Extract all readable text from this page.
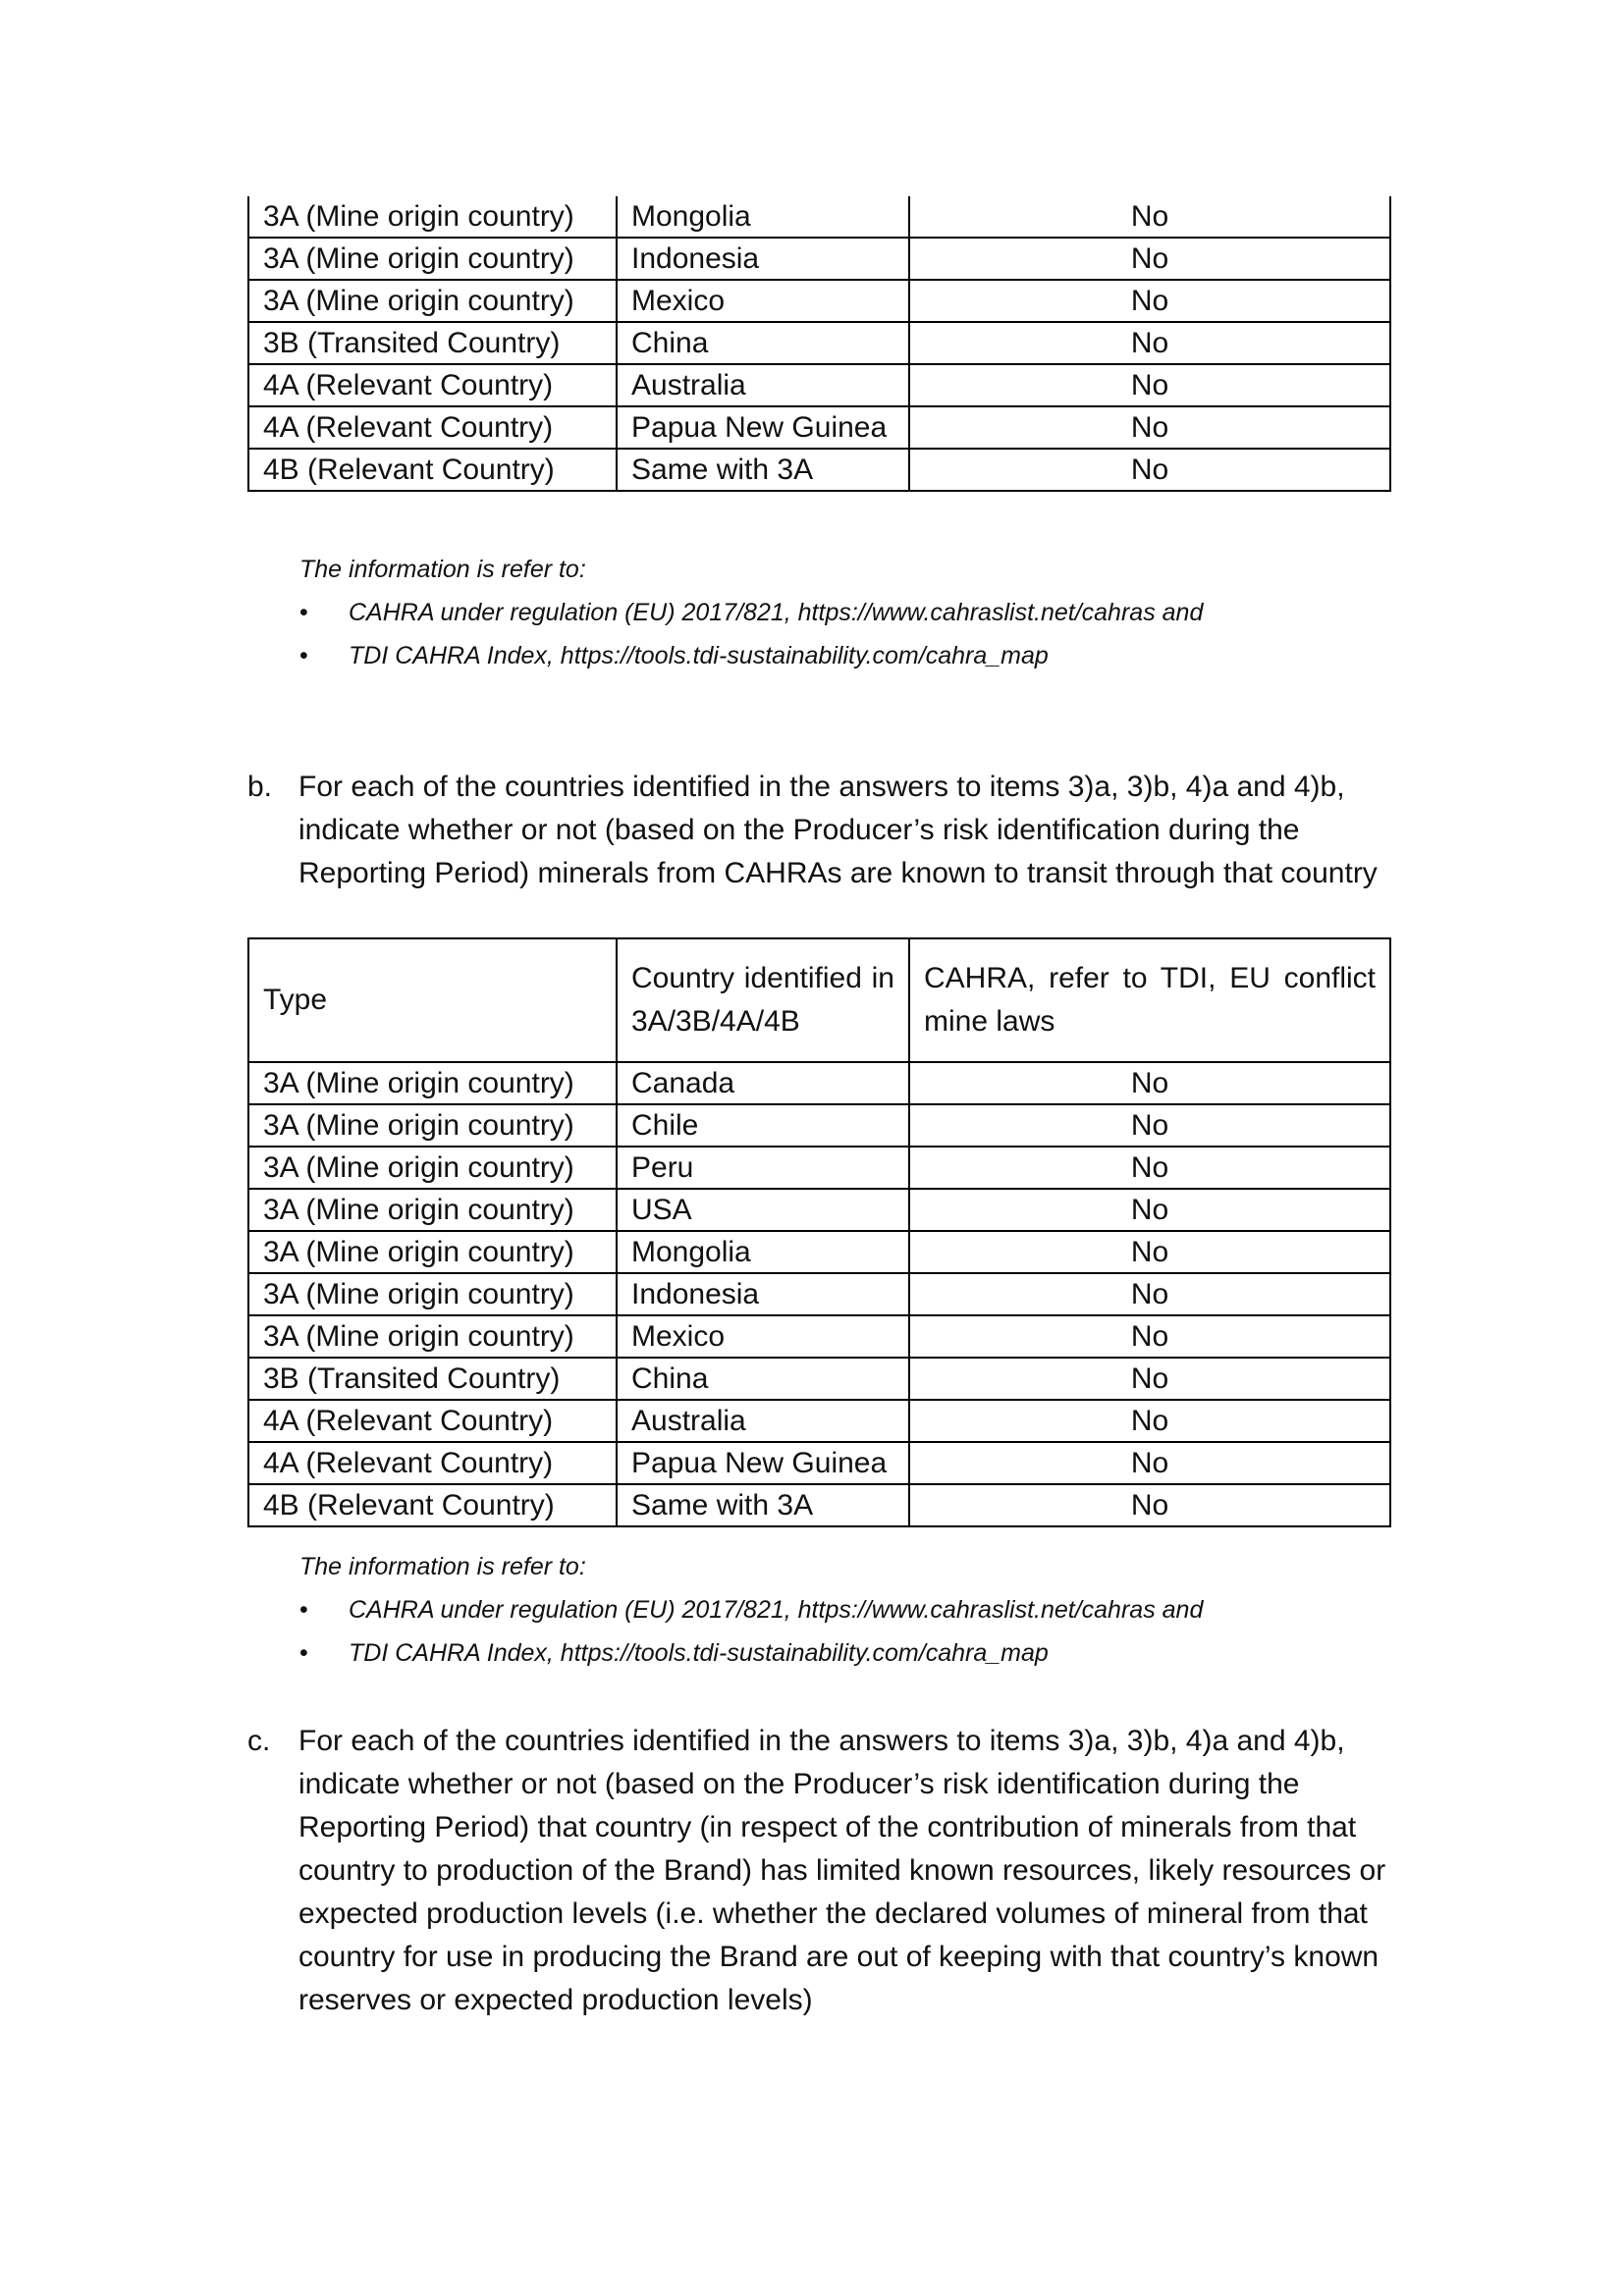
3A (Mine origin country)	Mongolia	No
3A (Mine origin country)	Indonesia	No
3A (Mine origin country)	Mexico	No
3B (Transited Country)	China	No
4A (Relevant Country)	Australia	No
4A (Relevant Country)	Papua New Guinea	No
4B (Relevant Country)	Same with 3A	No
The information is refer to:
• CAHRA under regulation (EU) 2017/821, https://www.cahraslist.net/cahras and
• TDI CAHRA Index, https://tools.tdi-sustainability.com/cahra_map
b. For each of the countries identified in the answers to items 3)a, 3)b, 4)a and 4)b, indicate whether or not (based on the Producer’s risk identification during the Reporting Period) minerals from CAHRAs are known to transit through that country
Type	Country identified in 3A/3B/4A/4B	CAHRA, refer to TDI, EU conflict mine laws
3A (Mine origin country)	Canada	No
3A (Mine origin country)	Chile	No
3A (Mine origin country)	Peru	No
3A (Mine origin country)	USA	No
3A (Mine origin country)	Mongolia	No
3A (Mine origin country)	Indonesia	No
3A (Mine origin country)	Mexico	No
3B (Transited Country)	China	No
4A (Relevant Country)	Australia	No
4A (Relevant Country)	Papua New Guinea	No
4B (Relevant Country)	Same with 3A	No
The information is refer to:
• CAHRA under regulation (EU) 2017/821, https://www.cahraslist.net/cahras and
• TDI CAHRA Index, https://tools.tdi-sustainability.com/cahra_map
c. For each of the countries identified in the answers to items 3)a, 3)b, 4)a and 4)b, indicate whether or not (based on the Producer’s risk identification during the Reporting Period) that country (in respect of the contribution of minerals from that country to production of the Brand) has limited known resources, likely resources or expected production levels (i.e. whether the declared volumes of mineral from that country for use in producing the Brand are out of keeping with that country’s known reserves or expected production levels)
